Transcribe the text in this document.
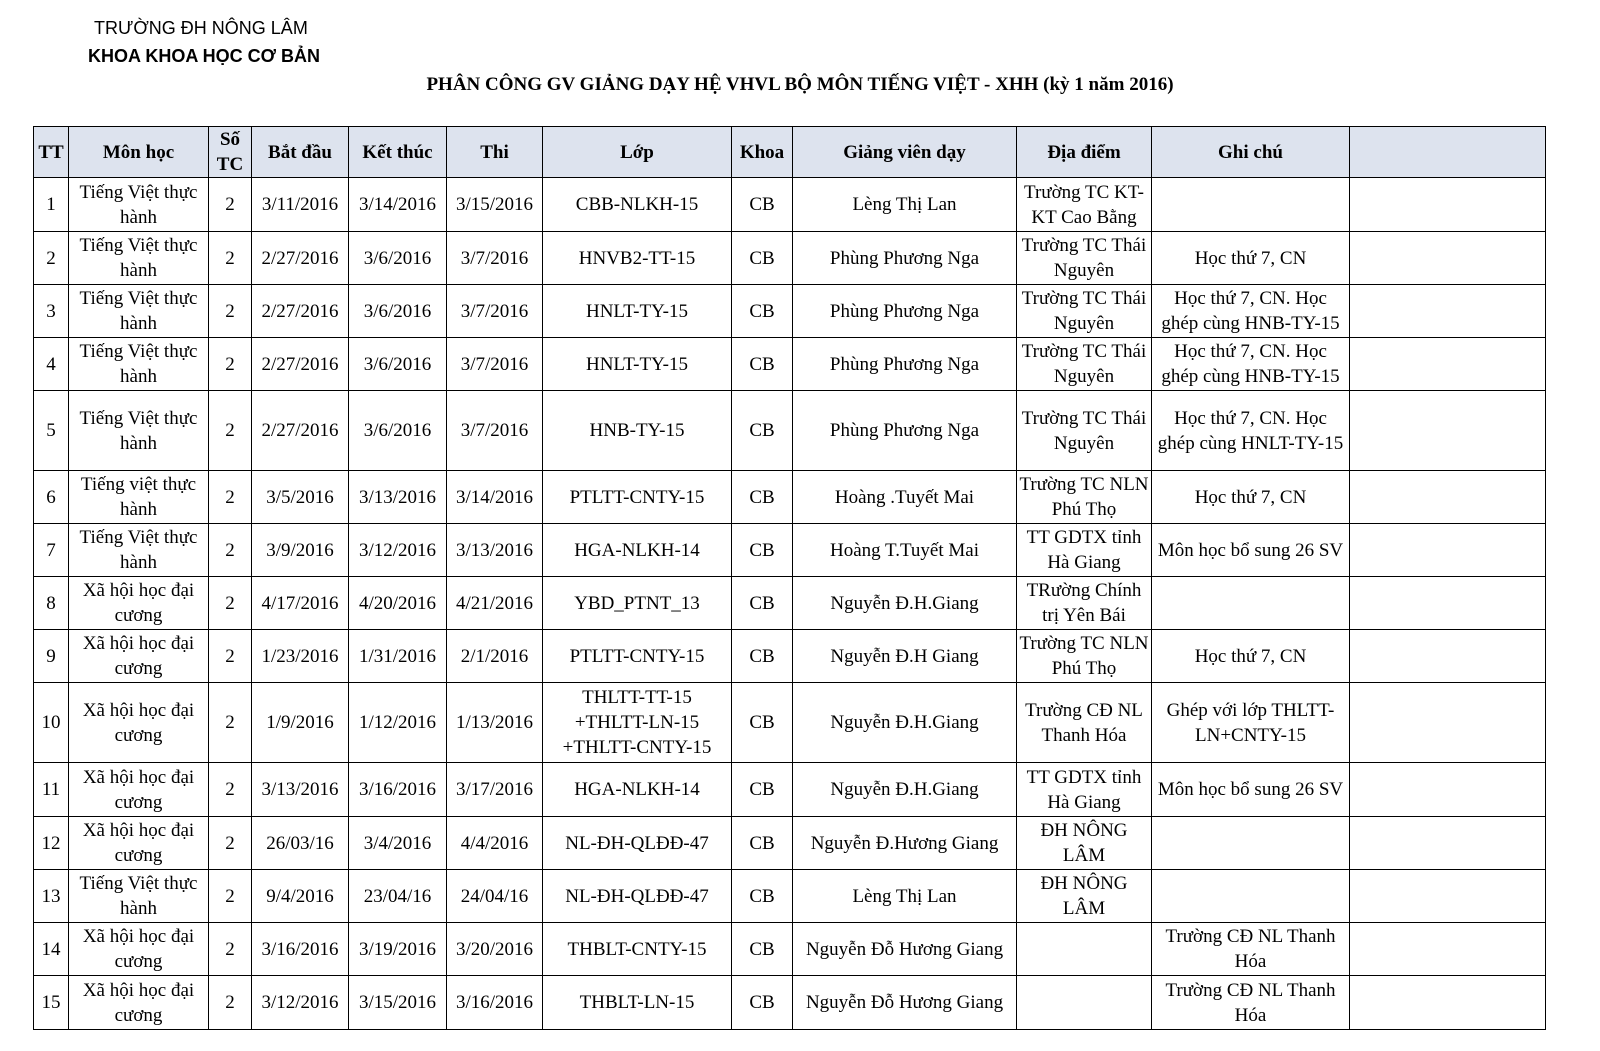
TRƯỜNG ĐH NÔNG LÂM
KHOA KHOA HỌC CƠ BẢN
PHÂN CÔNG GV GIẢNG DẠY HỆ VHVL BỘ MÔN TIẾNG VIỆT - XHH (kỳ 1 năm 2016)
TT	Môn học	Số TC	Bắt đầu	Kết thúc	Thi	Lớp	Khoa	Giảng viên dạy	Địa điểm	Ghi chú	
1	Tiếng Việt thực hành	2	3/11/2016	3/14/2016	3/15/2016	CBB-NLKH-15	CB	Lèng Thị Lan	Trường TC KT-KT Cao Bằng		
2	Tiếng Việt thực hành	2	2/27/2016	3/6/2016	3/7/2016	HNVB2-TT-15	CB	Phùng Phương Nga	Trường TC Thái Nguyên	Học thứ 7, CN	
3	Tiếng Việt thực hành	2	2/27/2016	3/6/2016	3/7/2016	HNLT-TY-15	CB	Phùng Phương Nga	Trường TC Thái Nguyên	Học thứ 7, CN. Học ghép cùng HNB-TY-15	
4	Tiếng Việt thực hành	2	2/27/2016	3/6/2016	3/7/2016	HNLT-TY-15	CB	Phùng Phương Nga	Trường TC Thái Nguyên	Học thứ 7, CN. Học ghép cùng HNB-TY-15	
5	Tiếng Việt thực hành	2	2/27/2016	3/6/2016	3/7/2016	HNB-TY-15	CB	Phùng Phương Nga	Trường TC Thái Nguyên	Học thứ 7, CN. Học ghép cùng HNLT-TY-15	
6	Tiếng việt thực hành	2	3/5/2016	3/13/2016	3/14/2016	PTLTT-CNTY-15	CB	Hoàng .Tuyết Mai	Trường TC NLN Phú Thọ	Học thứ 7, CN	
7	Tiếng Việt thực hành	2	3/9/2016	3/12/2016	3/13/2016	HGA-NLKH-14	CB	Hoàng T.Tuyết Mai	TT GDTX tỉnh Hà Giang	Môn học bổ sung 26 SV	
8	Xã hội học đại cương	2	4/17/2016	4/20/2016	4/21/2016	YBD_PTNT_13	CB	Nguyễn Đ.H.Giang	TRường Chính trị Yên Bái		
9	Xã hội học đại cương	2	1/23/2016	1/31/2016	2/1/2016	PTLTT-CNTY-15	CB	Nguyễn Đ.H Giang	Trường TC NLN Phú Thọ	Học thứ 7, CN	
10	Xã hội học đại cương	2	1/9/2016	1/12/2016	1/13/2016	THLTT-TT-15 +THLTT-LN-15 +THLTT-CNTY-15	CB	Nguyễn Đ.H.Giang	Trường CĐ NL Thanh Hóa	Ghép với lớp THLTT-LN+CNTY-15	
11	Xã hội học đại cương	2	3/13/2016	3/16/2016	3/17/2016	HGA-NLKH-14	CB	Nguyễn Đ.H.Giang	TT GDTX tỉnh Hà Giang	Môn học bổ sung 26 SV	
12	Xã hội học đại cương	2	26/03/16	3/4/2016	4/4/2016	NL-ĐH-QLĐĐ-47	CB	Nguyễn Đ.Hương Giang	ĐH NÔNG LÂM		
13	Tiếng Việt thực hành	2	9/4/2016	23/04/16	24/04/16	NL-ĐH-QLĐĐ-47	CB	Lèng Thị Lan	ĐH NÔNG LÂM		
14	Xã hội học đại cương	2	3/16/2016	3/19/2016	3/20/2016	THBLT-CNTY-15	CB	Nguyễn Đỗ Hương Giang		Trường CĐ NL Thanh Hóa	
15	Xã hội học đại cương	2	3/12/2016	3/15/2016	3/16/2016	THBLT-LN-15	CB	Nguyễn Đỗ Hương Giang		Trường CĐ NL Thanh Hóa	
